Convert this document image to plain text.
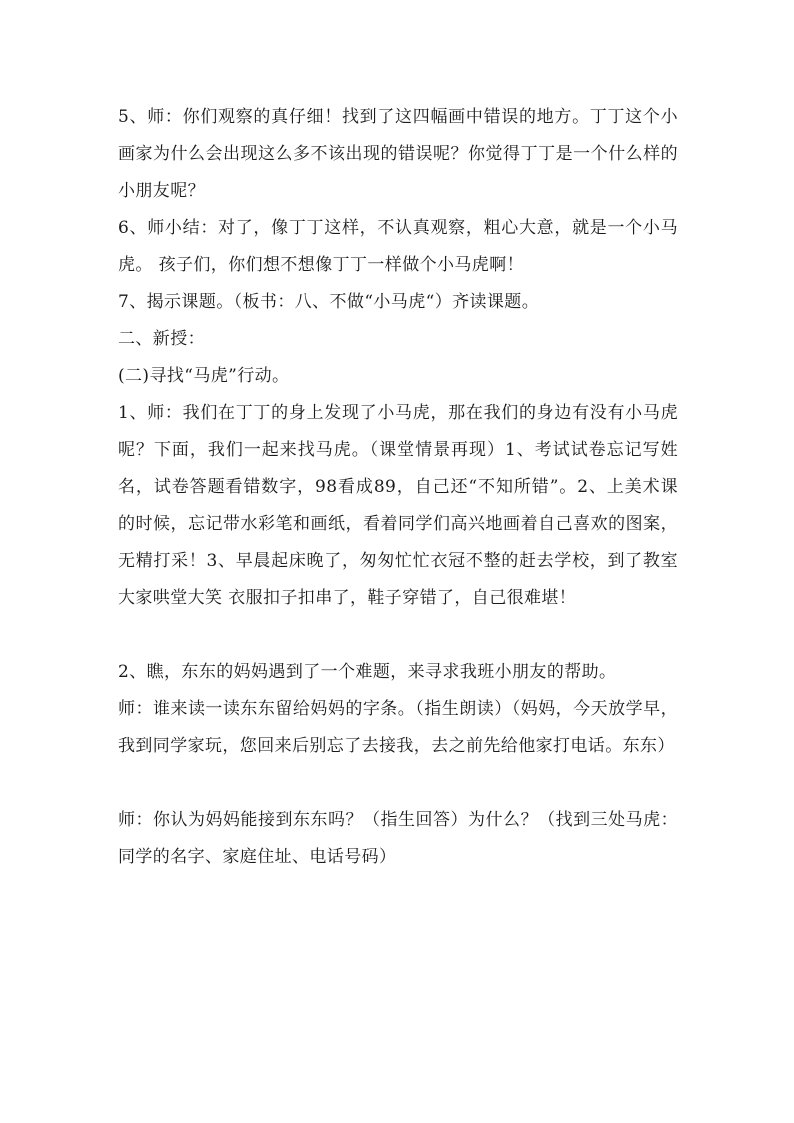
5、师：你们观察的真仔细！找到了这四幅画中错误的地方。丁丁这个小画家为什么会出现这么多不该出现的错误呢？你觉得丁丁是一个什么样的小朋友呢？

6、师小结：对了，像丁丁这样，不认真观察，粗心大意，就是一个小马虎。 孩子们，你们想不想像丁丁一样做个小马虎啊！

7、揭示课题。（板书：八、不做“小马虎“）齐读课题。

二、新授：

(二)寻找“马虎”行动。

1、师：我们在丁丁的身上发现了小马虎，那在我们的身边有没有小马虎呢？下面，我们一起来找马虎。（课堂情景再现）1、考试试卷忘记写姓名，试卷答题看错数字，98看成89，自己还“不知所错”。2、上美术课的时候，忘记带水彩笔和画纸，看着同学们高兴地画着自己喜欢的图案，无精打采！3、早晨起床晚了，匆匆忙忙衣冠不整的赶去学校，到了教室大家哄堂大笑 衣服扣子扣串了，鞋子穿错了，自己很难堪！

2、瞧，东东的妈妈遇到了一个难题，来寻求我班小朋友的帮助。

师：谁来读一读东东留给妈妈的字条。（指生朗读）（妈妈，今天放学早，我到同学家玩，您回来后别忘了去接我，去之前先给他家打电话。东东）

师：你认为妈妈能接到东东吗？（指生回答）为什么？（找到三处马虎：同学的名字、家庭住址、电话号码）
